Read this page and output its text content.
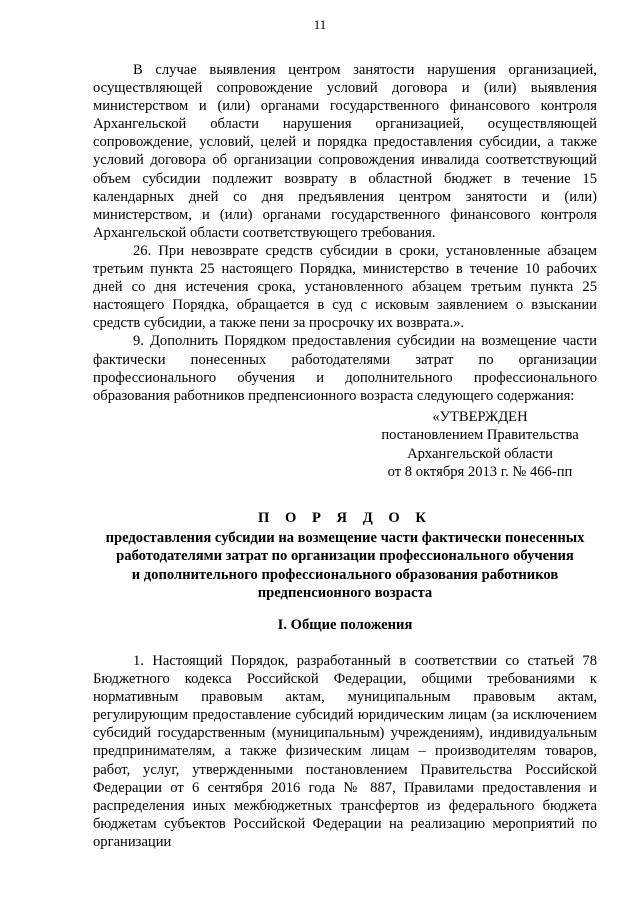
11

В случае выявления центром занятости нарушения организацией, осуществляющей сопровождение условий договора и (или) выявления министерством и (или) органами государственного финансового контроля Архангельской области нарушения организацией, осуществляющей сопровождение, условий, целей и порядка предоставления субсидии, а также условий договора об организации сопровождения инвалида соответствующий объем субсидии подлежит возврату в областной бюджет в течение 15 календарных дней со дня предъявления центром занятости и (или) министерством, и (или) органами государственного финансового контроля Архангельской области соответствующего требования.

26. При невозврате средств субсидии в сроки, установленные абзацем третьим пункта 25 настоящего Порядка, министерство в течение 10 рабочих дней со дня истечения срока, установленного абзацем третьим пункта 25 настоящего Порядка, обращается в суд с исковым заявлением о взыскании средств субсидии, а также пени за просрочку их возврата.».

9. Дополнить Порядком предоставления субсидии на возмещение части фактически понесенных работодателями затрат по организации профессионального обучения и дополнительного профессионального образования работников предпенсионного возраста следующего содержания:

«УТВЕРЖДЕН
постановлением Правительства
Архангельской области
от 8 октября 2013 г. № 466-пп
П О Р Я Д О К
предоставления субсидии на возмещение части фактически понесенных
работодателями затрат по организации профессионального обучения
и дополнительного профессионального образования работников
предпенсионного возраста
I. Общие положения

1. Настоящий Порядок, разработанный в соответствии со статьей 78 Бюджетного кодекса Российской Федерации, общими требованиями к нормативным правовым актам, муниципальным правовым актам, регулирующим предоставление субсидий юридическим лицам (за исключением субсидий государственным (муниципальным) учреждениям), индивидуальным предпринимателям, а также физическим лицам – производителям товаров, работ, услуг, утвержденными постановлением Правительства Российской Федерации от 6 сентября 2016 года № 887, Правилами предоставления и распределения иных межбюджетных трансфертов из федерального бюджета бюджетам субъектов Российской Федерации на реализацию мероприятий по организации
